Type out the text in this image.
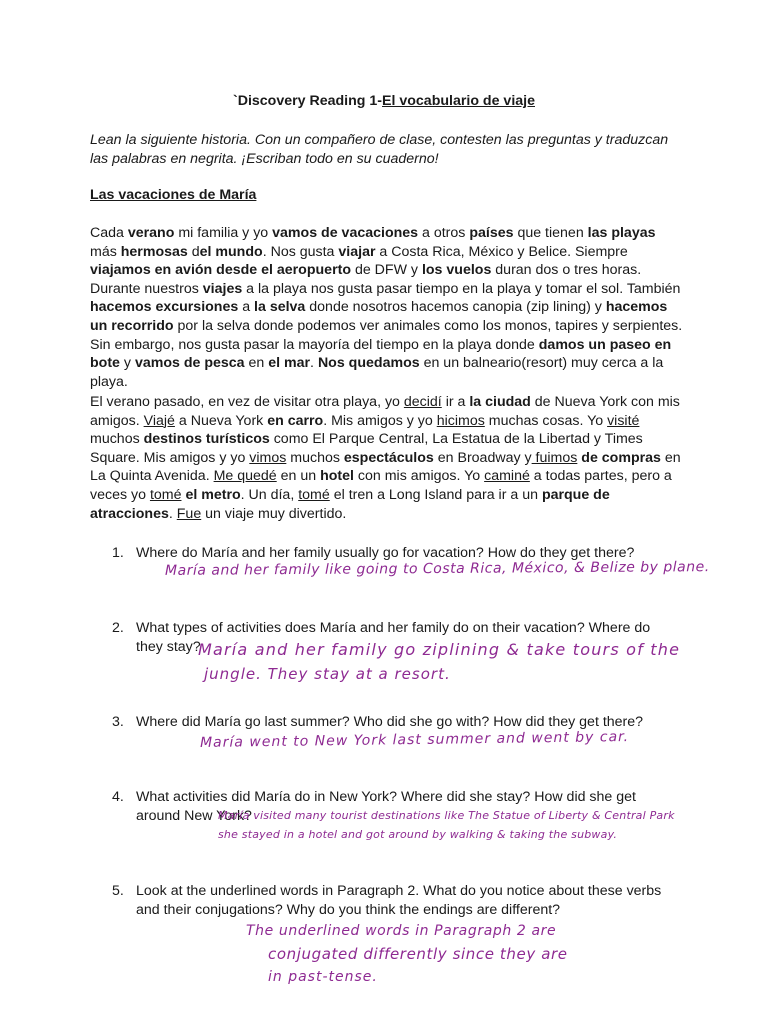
`Discovery Reading 1-El vocabulario de viaje
Lean la siguiente historia. Con un compañero de clase, contesten las preguntas y traduzcan las palabras en negrita. ¡Escriban todo en su cuaderno!
Las vacaciones de María
Cada verano mi familia y yo vamos de vacaciones a otros países que tienen las playas más hermosas del mundo. Nos gusta viajar a Costa Rica, México y Belice. Siempre viajamos en avión desde el aeropuerto de DFW y los vuelos duran dos o tres horas. Durante nuestros viajes a la playa nos gusta pasar tiempo en la playa y tomar el sol. También hacemos excursiones a la selva donde nosotros hacemos canopia (zip lining) y hacemos un recorrido por la selva donde podemos ver animales como los monos, tapires y serpientes. Sin embargo, nos gusta pasar la mayoría del tiempo en la playa donde damos un paseo en bote y vamos de pesca en el mar. Nos quedamos en un balneario(resort) muy cerca a la playa.
El verano pasado, en vez de visitar otra playa, yo decidí ir a la ciudad de Nueva York con mis amigos. Viajé a Nueva York en carro. Mis amigos y yo hicimos muchas cosas. Yo visité muchos destinos turísticos como El Parque Central, La Estatua de la Libertad y Times Square. Mis amigos y yo vimos muchos espectáculos en Broadway y fuimos de compras en La Quinta Avenida. Me quedé en un hotel con mis amigos. Yo caminé a todas partes, pero a veces yo tomé el metro. Un día, tomé el tren a Long Island para ir a un parque de atracciones. Fue un viaje muy divertido.
1. Where do María and her family usually go for vacation? How do they get there?
María and her family like going to Costa Rica, México, & Belize by plane.
2. What types of activities does María and her family do on their vacation? Where do they stay?
María and her family go ziplining & take tours of the
jungle. They stay at a resort.
3. Where did María go last summer? Who did she go with? How did they get there?
María went to New York last summer and went by car.
4. What activities did María do in New York? Where did she stay? How did she get around New York?
María visited many tourist destinations like The Statue of Liberty & Central Park
she stayed in a hotel and got around by walking & taking the subway.
5. Look at the underlined words in Paragraph 2. What do you notice about these verbs and their conjugations? Why do you think the endings are different?
The underlined words in Paragraph 2 are
conjugated differently since they are
in past-tense.
